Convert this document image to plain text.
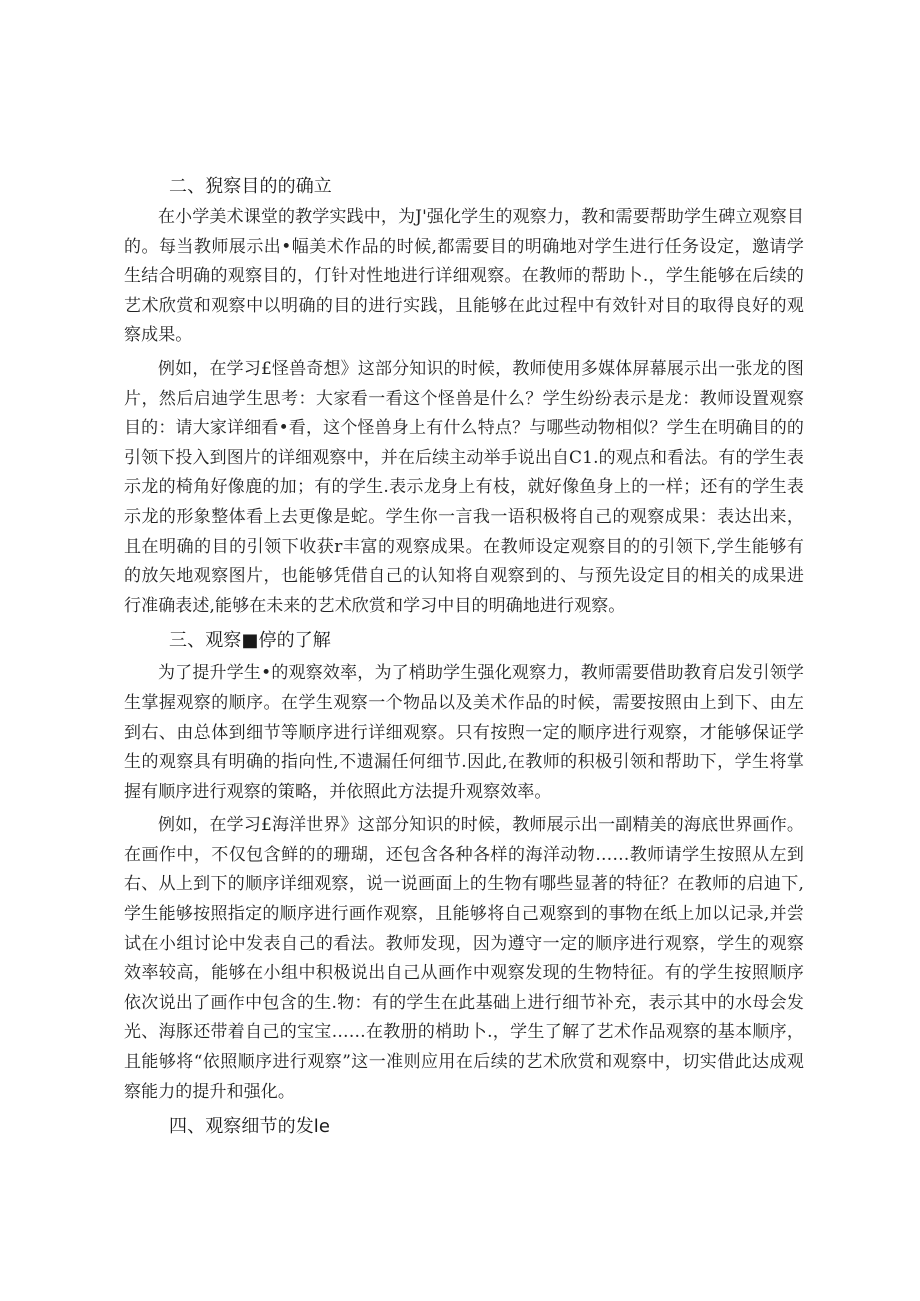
二、猊察目的的确立

在小学美术课堂的教学实践中，为J'强化学生的观察力，教和需要帮助学生碑立观察目的。每当教师展示出•幅美术作品的时候,都需要目的明确地对学生进行任务设定，邀请学生结合明确的观察目的，仃针对性地进行详细观察。在教师的帮助卜.，学生能够在后续的艺术欣赏和观察中以明确的目的进行实践，且能够在此过程中有效针对目的取得良好的观察成果。

例如，在学习£怪兽奇想》这部分知识的时候，教师使用多媒体屏幕展示出一张龙的图片，然后启迪学生思考：大家看一看这个怪兽是什么？学生纷纷表示是龙：教师设置观察目的：请大家详细看•看，这个怪兽身上有什么特点？与哪些动物相似？学生在明确目的的引领下投入到图片的详细观察中，并在后续主动举手说出自C1.的观点和看法。有的学生表示龙的椅角好像鹿的加；有的学生.表示龙身上有枝，就好像鱼身上的一样；还有的学生表示龙的形象整体看上去更像是蛇。学生你一言我一语积极将自己的观察成果：表达出来，且在明确的目的引领下收获r丰富的观察成果。在教师设定观察目的的引领下,学生能够有的放矢地观察图片，也能够凭借自己的认知将自观察到的、与预先设定目的相关的成果进行准确表述,能够在未来的艺术欣赏和学习中目的明确地进行观察。

三、观察■停的了解

为了提升学生•的观察效率，为了梢助学生强化观察力，教师需要借助教育启发引领学生掌握观察的顺序。在学生观察一个物品以及美术作品的时候，需要按照由上到下、由左到右、由总体到细节等顺序进行详细观察。只有按煦一定的顺序进行观察，才能够保证学生的观察具有明确的指向性,不遗漏任何细节.因此,在教师的积极引领和帮助下，学生将掌握有顺序进行观察的策略，并依照此方法提升观察效率。

例如，在学习£海洋世界》这部分知识的时候，教师展示出一副精美的海底世界画作。在画作中，不仅包含鲜的的珊瑚，还包含各种各样的海洋动物……教师请学生按照从左到右、从上到下的顺序详细观察，说一说画面上的生物有哪些显著的特征？在教师的启迪下,学生能够按照指定的顺序进行画作观察，且能够将自己观察到的事物在纸上加以记录,并尝试在小组讨论中发表自己的看法。教师发现，因为遵守一定的顺序进行观察，学生的观察效率较高，能够在小组中积极说出自己从画作中观察发现的生物特征。有的学生按照顺序依次说出了画作中包含的生.物：有的学生在此基础上进行细节补充，表示其中的水母会发光、海豚还带着自己的宝宝……在教册的梢助卜.，学生了解了艺术作品观察的基本顺序，且能够将“依照顺序进行观察”这一准则应用在后续的艺术欣赏和观察中，切实借此达成观察能力的提升和强化。

四、观察细节的发le
